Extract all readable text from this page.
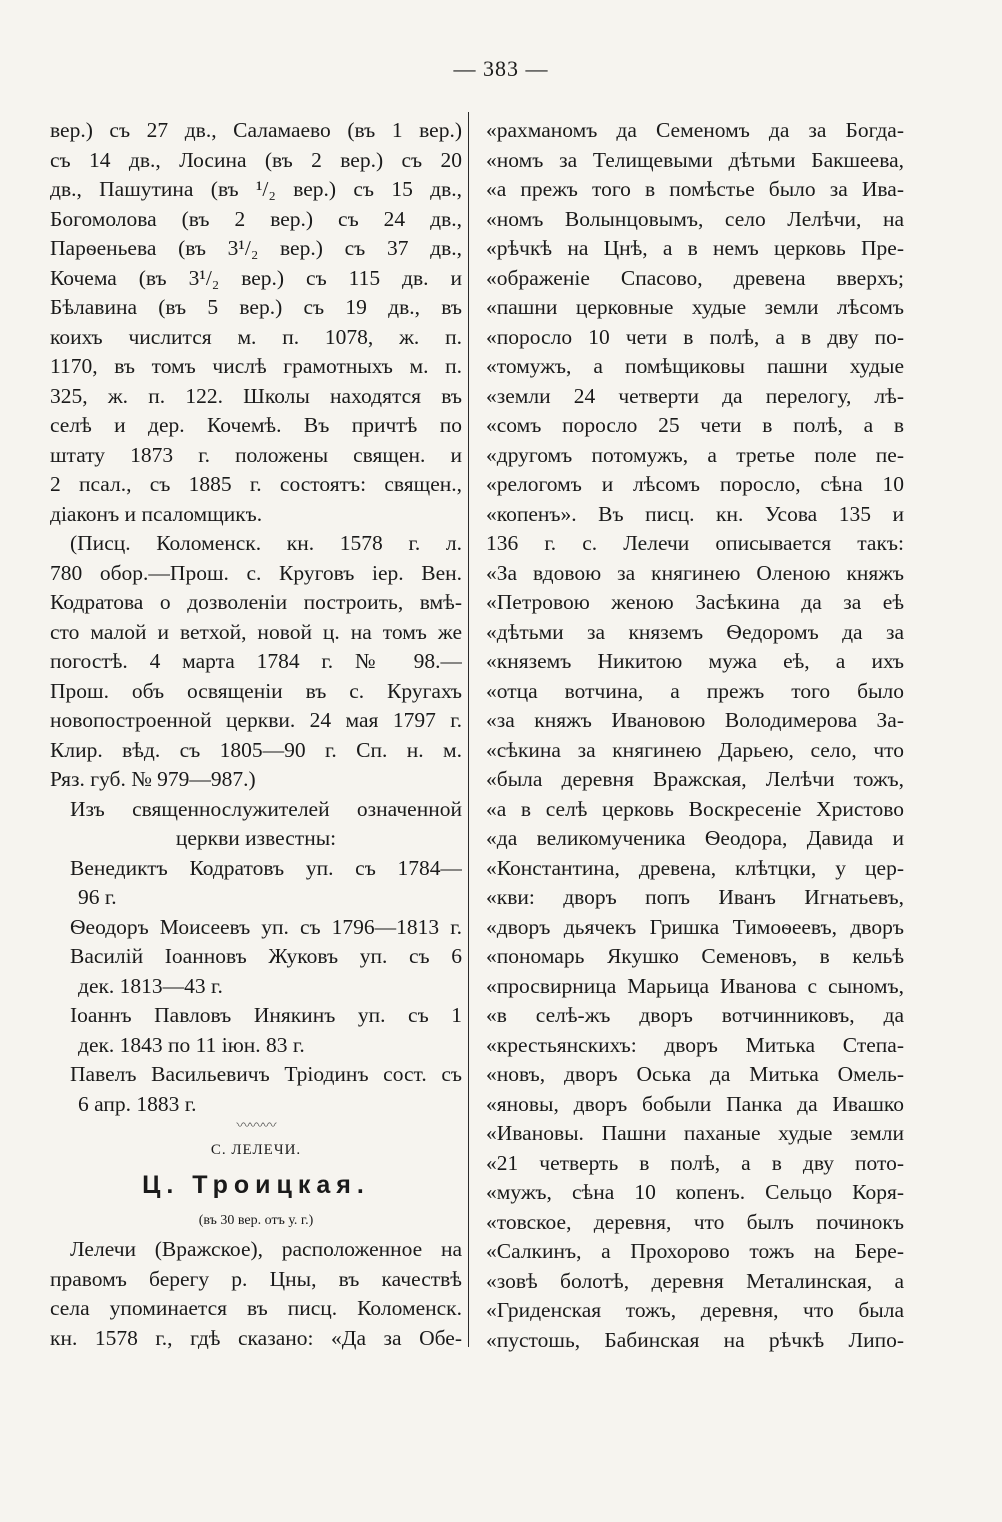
— 383 —
вер.) съ 27 дв., Саламаево (въ 1 вер.)
съ 14 дв., Лосина (въ 2 вер.) съ 20
дв., Пашутина (въ ¹/₂ вер.) съ 15 дв.,
Богомолова (въ 2 вер.) съ 24 дв.,
Парѳеньева (въ 3¹/₂ вер.) съ 37 дв.,
Кочема (въ 3¹/₂ вер.) съ 115 дв. и
Бѣлавина (въ 5 вер.) съ 19 дв., въ
коихъ числится м. п. 1078, ж. п.
1170, въ томъ числѣ грамотныхъ м. п.
325, ж. п. 122. Школы находятся въ
селѣ и дер. Кочемѣ. Въ причтѣ по
штату 1873 г. положены священ. и
2 псал., съ 1885 г. состоятъ: священ.,
діаконъ и псаломщикъ.
(Писц. Коломенск. кн. 1578 г. л.
780 обор.—Прош. с. Круговъ іер. Вен.
Кодратова о дозволеніи построить, вмѣ-
сто малой и ветхой, новой ц. на томъ же
погостѣ. 4 марта 1784 г. № 98.—
Прош. объ освященіи въ с. Кругахъ
новопостроенной церкви. 24 мая 1797 г.
Клир. вѣд. съ 1805—90 г. Сп. н. м.
Ряз. губ. № 979—987.)
Изъ священнослужителей означенной
церкви известны:
Венедиктъ Кодратовъ уп. съ 1784—
96 г.
Ѳеодоръ Моисеевъ уп. съ 1796—1813 г.
Василій Іоанновъ Жуковъ уп. съ 6
дек. 1813—43 г.
Іоаннъ Павловъ Инякинъ уп. съ 1
дек. 1843 по 11 іюн. 83 г.
Павелъ Васильевичъ Тріодинъ сост. съ
6 апр. 1883 г.
〰〰〰
С. ЛЕЛЕЧИ.
Ц. Троицкая.
(въ 30 вер. отъ у. г.)
Лелечи (Вражское), расположенное на
правомъ берегу р. Цны, въ качествѣ
села упоминается въ писц. Коломенск.
кн. 1578 г., гдѣ сказано: «Да за Обе-
«рахманомъ да Семеномъ да за Богда-
«номъ за Телищевыми дѣтьми Бакшеева,
«а прежъ того в помѣстье было за Ива-
«номъ Волынцовымъ, село Лелѣчи, на
«рѣчкѣ на Цнѣ, а в немъ церковь Пре-
«ображеніе Спасово, древена вверхъ;
«пашни церковные худые земли лѣсомъ
«поросло 10 чети в полѣ, а в дву по-
«томужъ, а помѣщиковы пашни худые
«земли 24 четверти да перелогу, лѣ-
«сомъ поросло 25 чети в полѣ, а в
«другомъ потомужъ, а третье поле пе-
«релогомъ и лѣсомъ поросло, сѣна 10
«копенъ». Въ писц. кн. Усова 135 и
136 г. с. Лелечи описывается такъ:
«За вдовою за княгинею Оленою княжъ
«Петровою женою Засѣкина да за еѣ
«дѣтьми за княземъ Ѳедоромъ да за
«княземъ Никитою мужа еѣ, а ихъ
«отца вотчина, а прежъ того было
«за княжъ Ивановою Володимерова За-
«сѣкина за княгинею Дарьею, село, что
«была деревня Вражская, Лелѣчи тожъ,
«а в селѣ церковь Воскресеніе Христово
«да великомученика Ѳеодора, Давида и
«Константина, древена, клѣтцки, у цер-
«кви: дворъ попъ Иванъ Игнатьевъ,
«дворъ дьячекъ Гришка Тимоѳеевъ, дворъ
«пономарь Якушко Семеновъ, в кельѣ
«просвирница Марьица Иванова с сыномъ,
«в селѣ-жъ дворъ вотчинниковъ, да
«крестьянскихъ: дворъ Митька Степа-
«новъ, дворъ Оська да Митька Омель-
«яновы, дворъ бобыли Панка да Ивашко
«Ивановы. Пашни паханые худые земли
«21 четверть в полѣ, а в дву пото-
«мужъ, сѣна 10 копенъ. Сельцо Коря-
«товское, деревня, что былъ починокъ
«Салкинъ, а Прохорово тожъ на Бере-
«зовѣ болотѣ, деревня Металинская, а
«Гриденская тожъ, деревня, что была
«пустошь, Бабинская на рѣчкѣ Липо-
